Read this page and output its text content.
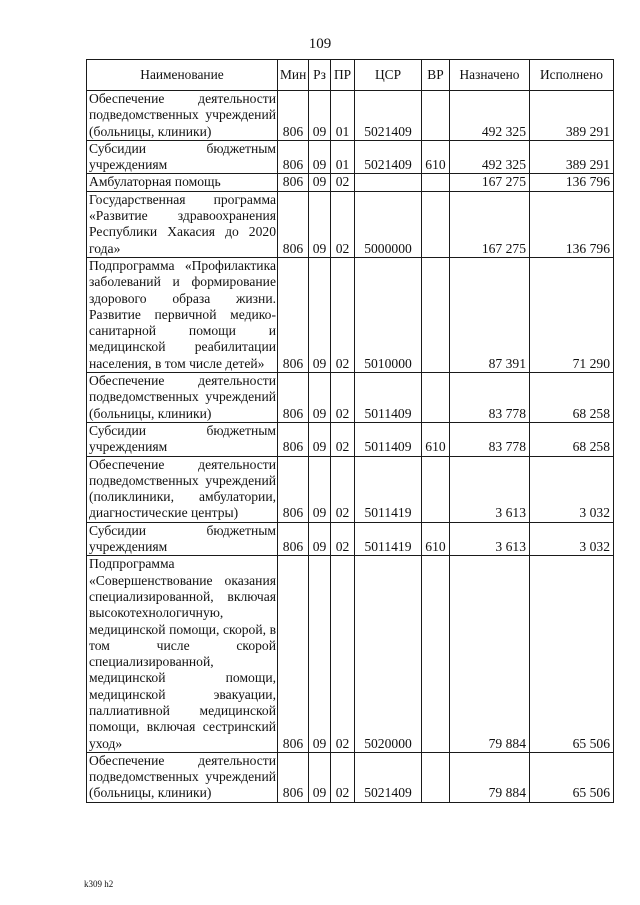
109
Наименование	Мин	Рз	ПР	ЦСР	ВР	Назначено	Исполнено
Обеспечение деятельности подведомственных учреждений (больницы, клиники)	806	09	01	5021409		492 325	389 291
Субсидии бюджетным учреждениям	806	09	01	5021409	610	492 325	389 291
Амбулаторная помощь	806	09	02			167 275	136 796
Государственная программа «Развитие здравоохранения Республики Хакасия до 2020 года»	806	09	02	5000000		167 275	136 796
Подпрограмма «Профилактика заболеваний и формирование здорового образа жизни. Развитие первичной медико-санитарной помощи и медицинской реабилитации населения, в том числе детей»	806	09	02	5010000		87 391	71 290
Обеспечение деятельности подведомственных учреждений (больницы, клиники)	806	09	02	5011409		83 778	68 258
Субсидии бюджетным учреждениям	806	09	02	5011409	610	83 778	68 258
Обеспечение деятельности подведомственных учреждений (поликлиники, амбулатории, диагностические центры)	806	09	02	5011419		3 613	3 032
Субсидии бюджетным учреждениям	806	09	02	5011419	610	3 613	3 032
Подпрограмма «Совершенствование оказания специализированной, включая высокотехнологичную, медицинской помощи, скорой, в том числе скорой специализированной, медицинской помощи, медицинской эвакуации, паллиативной медицинской помощи, включая сестринский уход»	806	09	02	5020000		79 884	65 506
Обеспечение деятельности подведомственных учреждений (больницы, клиники)	806	09	02	5021409		79 884	65 506
k309 h2
